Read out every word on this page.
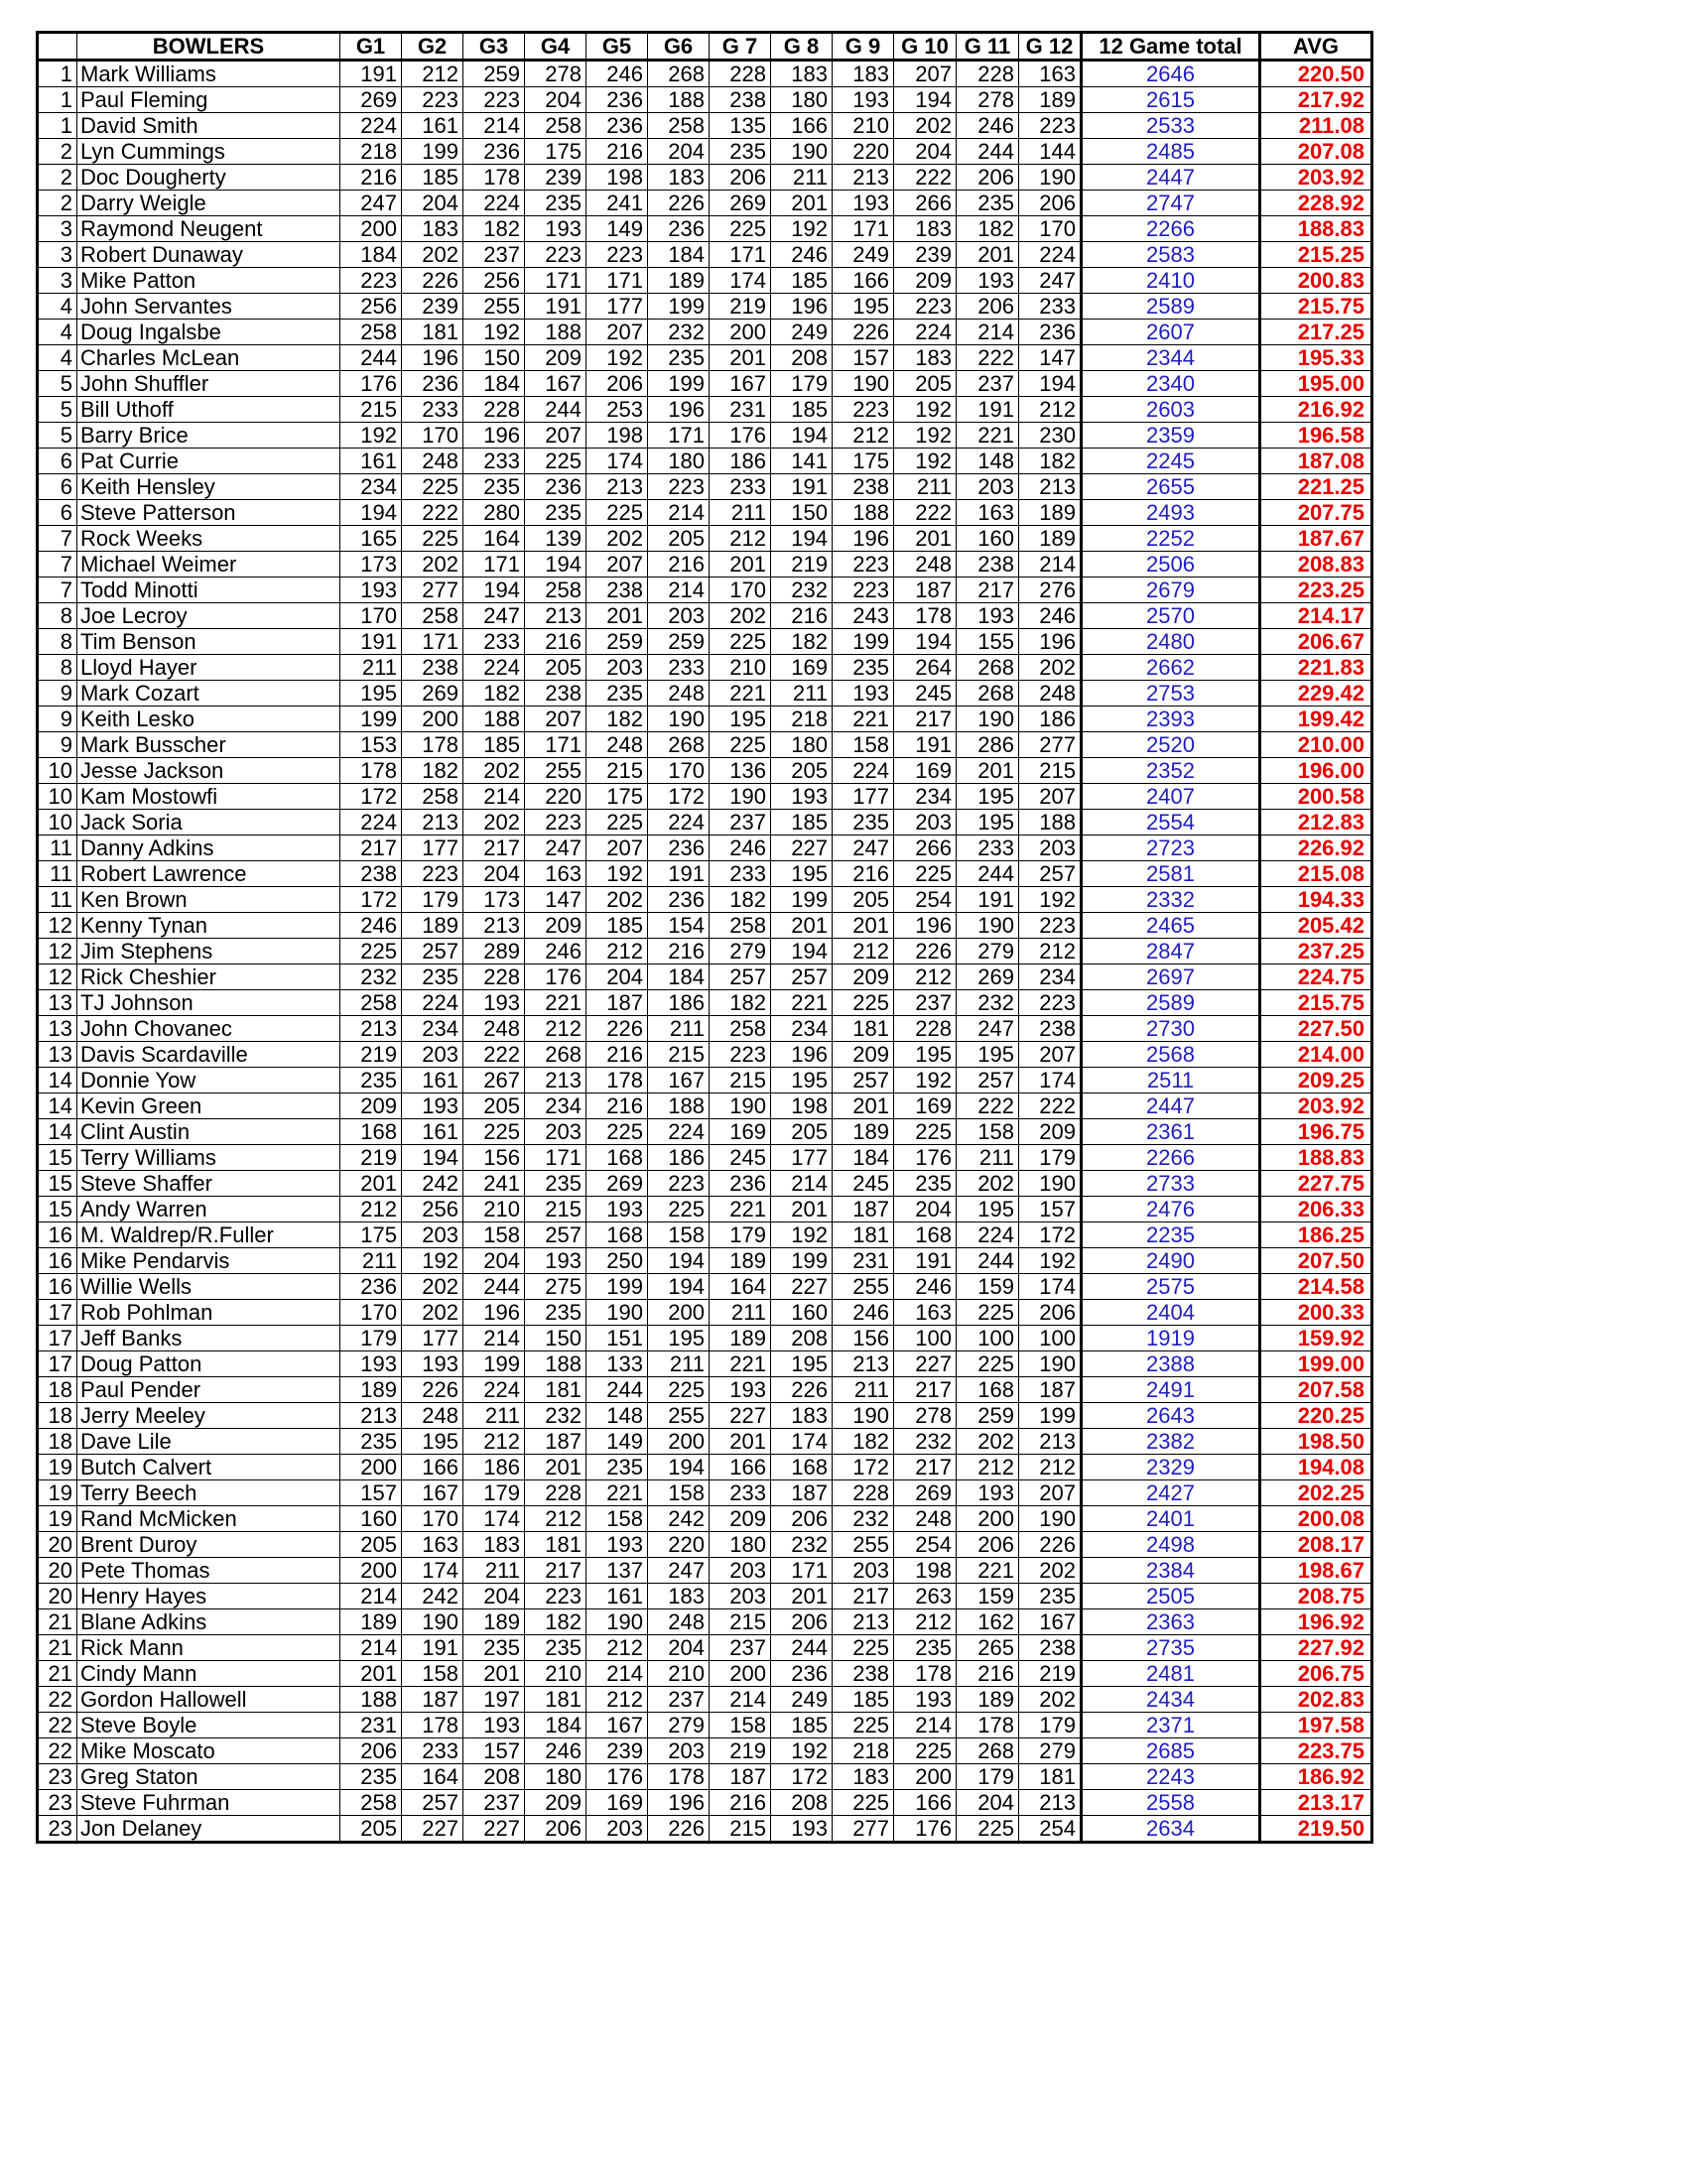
	BOWLERS	G1	G2	G3	G4	G5	G6	G 7	G 8	G 9	G 10	G 11	G 12	12 Game total	AVG
1	Mark Williams	191	212	259	278	246	268	228	183	183	207	228	163	2646	220.50
1	Paul Fleming	269	223	223	204	236	188	238	180	193	194	278	189	2615	217.92
1	David Smith	224	161	214	258	236	258	135	166	210	202	246	223	2533	211.08
2	Lyn Cummings	218	199	236	175	216	204	235	190	220	204	244	144	2485	207.08
2	Doc Dougherty	216	185	178	239	198	183	206	211	213	222	206	190	2447	203.92
2	Darry Weigle	247	204	224	235	241	226	269	201	193	266	235	206	2747	228.92
3	Raymond Neugent	200	183	182	193	149	236	225	192	171	183	182	170	2266	188.83
3	Robert Dunaway	184	202	237	223	223	184	171	246	249	239	201	224	2583	215.25
3	Mike Patton	223	226	256	171	171	189	174	185	166	209	193	247	2410	200.83
4	John Servantes	256	239	255	191	177	199	219	196	195	223	206	233	2589	215.75
4	Doug Ingalsbe	258	181	192	188	207	232	200	249	226	224	214	236	2607	217.25
4	Charles McLean	244	196	150	209	192	235	201	208	157	183	222	147	2344	195.33
5	John Shuffler	176	236	184	167	206	199	167	179	190	205	237	194	2340	195.00
5	Bill Uthoff	215	233	228	244	253	196	231	185	223	192	191	212	2603	216.92
5	Barry Brice	192	170	196	207	198	171	176	194	212	192	221	230	2359	196.58
6	Pat Currie	161	248	233	225	174	180	186	141	175	192	148	182	2245	187.08
6	Keith Hensley	234	225	235	236	213	223	233	191	238	211	203	213	2655	221.25
6	Steve Patterson	194	222	280	235	225	214	211	150	188	222	163	189	2493	207.75
7	Rock Weeks	165	225	164	139	202	205	212	194	196	201	160	189	2252	187.67
7	Michael Weimer	173	202	171	194	207	216	201	219	223	248	238	214	2506	208.83
7	Todd Minotti	193	277	194	258	238	214	170	232	223	187	217	276	2679	223.25
8	Joe Lecroy	170	258	247	213	201	203	202	216	243	178	193	246	2570	214.17
8	Tim Benson	191	171	233	216	259	259	225	182	199	194	155	196	2480	206.67
8	Lloyd Hayer	211	238	224	205	203	233	210	169	235	264	268	202	2662	221.83
9	Mark Cozart	195	269	182	238	235	248	221	211	193	245	268	248	2753	229.42
9	Keith Lesko	199	200	188	207	182	190	195	218	221	217	190	186	2393	199.42
9	Mark Busscher	153	178	185	171	248	268	225	180	158	191	286	277	2520	210.00
10	Jesse Jackson	178	182	202	255	215	170	136	205	224	169	201	215	2352	196.00
10	Kam Mostowfi	172	258	214	220	175	172	190	193	177	234	195	207	2407	200.58
10	Jack Soria	224	213	202	223	225	224	237	185	235	203	195	188	2554	212.83
11	Danny Adkins	217	177	217	247	207	236	246	227	247	266	233	203	2723	226.92
11	Robert Lawrence	238	223	204	163	192	191	233	195	216	225	244	257	2581	215.08
11	Ken Brown	172	179	173	147	202	236	182	199	205	254	191	192	2332	194.33
12	Kenny Tynan	246	189	213	209	185	154	258	201	201	196	190	223	2465	205.42
12	Jim Stephens	225	257	289	246	212	216	279	194	212	226	279	212	2847	237.25
12	Rick Cheshier	232	235	228	176	204	184	257	257	209	212	269	234	2697	224.75
13	TJ Johnson	258	224	193	221	187	186	182	221	225	237	232	223	2589	215.75
13	John Chovanec	213	234	248	212	226	211	258	234	181	228	247	238	2730	227.50
13	Davis Scardaville	219	203	222	268	216	215	223	196	209	195	195	207	2568	214.00
14	Donnie Yow	235	161	267	213	178	167	215	195	257	192	257	174	2511	209.25
14	Kevin Green	209	193	205	234	216	188	190	198	201	169	222	222	2447	203.92
14	Clint Austin	168	161	225	203	225	224	169	205	189	225	158	209	2361	196.75
15	Terry Williams	219	194	156	171	168	186	245	177	184	176	211	179	2266	188.83
15	Steve Shaffer	201	242	241	235	269	223	236	214	245	235	202	190	2733	227.75
15	Andy Warren	212	256	210	215	193	225	221	201	187	204	195	157	2476	206.33
16	M. Waldrep/R.Fuller	175	203	158	257	168	158	179	192	181	168	224	172	2235	186.25
16	Mike Pendarvis	211	192	204	193	250	194	189	199	231	191	244	192	2490	207.50
16	Willie Wells	236	202	244	275	199	194	164	227	255	246	159	174	2575	214.58
17	Rob Pohlman	170	202	196	235	190	200	211	160	246	163	225	206	2404	200.33
17	Jeff Banks	179	177	214	150	151	195	189	208	156	100	100	100	1919	159.92
17	Doug Patton	193	193	199	188	133	211	221	195	213	227	225	190	2388	199.00
18	Paul Pender	189	226	224	181	244	225	193	226	211	217	168	187	2491	207.58
18	Jerry Meeley	213	248	211	232	148	255	227	183	190	278	259	199	2643	220.25
18	Dave Lile	235	195	212	187	149	200	201	174	182	232	202	213	2382	198.50
19	Butch Calvert	200	166	186	201	235	194	166	168	172	217	212	212	2329	194.08
19	Terry Beech	157	167	179	228	221	158	233	187	228	269	193	207	2427	202.25
19	Rand McMicken	160	170	174	212	158	242	209	206	232	248	200	190	2401	200.08
20	Brent Duroy	205	163	183	181	193	220	180	232	255	254	206	226	2498	208.17
20	Pete Thomas	200	174	211	217	137	247	203	171	203	198	221	202	2384	198.67
20	Henry Hayes	214	242	204	223	161	183	203	201	217	263	159	235	2505	208.75
21	Blane Adkins	189	190	189	182	190	248	215	206	213	212	162	167	2363	196.92
21	Rick Mann	214	191	235	235	212	204	237	244	225	235	265	238	2735	227.92
21	Cindy Mann	201	158	201	210	214	210	200	236	238	178	216	219	2481	206.75
22	Gordon Hallowell	188	187	197	181	212	237	214	249	185	193	189	202	2434	202.83
22	Steve Boyle	231	178	193	184	167	279	158	185	225	214	178	179	2371	197.58
22	Mike Moscato	206	233	157	246	239	203	219	192	218	225	268	279	2685	223.75
23	Greg Staton	235	164	208	180	176	178	187	172	183	200	179	181	2243	186.92
23	Steve Fuhrman	258	257	237	209	169	196	216	208	225	166	204	213	2558	213.17
23	Jon Delaney	205	227	227	206	203	226	215	193	277	176	225	254	2634	219.50
